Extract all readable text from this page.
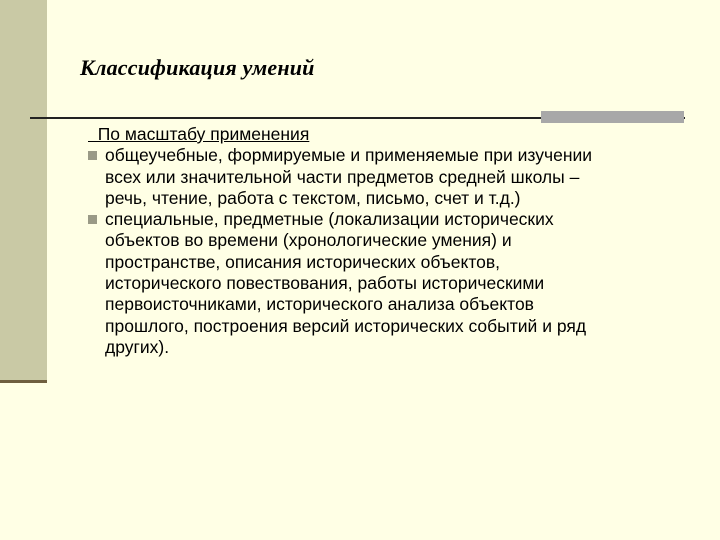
Классификация умений
По масштабу применения
общеучебные, формируемые и применяемые при изучении
всех или значительной части предметов средней школы –
речь, чтение, работа с текстом, письмо, счет и т.д.)
специальные, предметные (локализации исторических
объектов во времени (хронологические умения) и
пространстве, описания исторических объектов,
исторического повествования, работы историческими
первоисточниками, исторического анализа объектов
прошлого, построения версий исторических событий и ряд
других).
